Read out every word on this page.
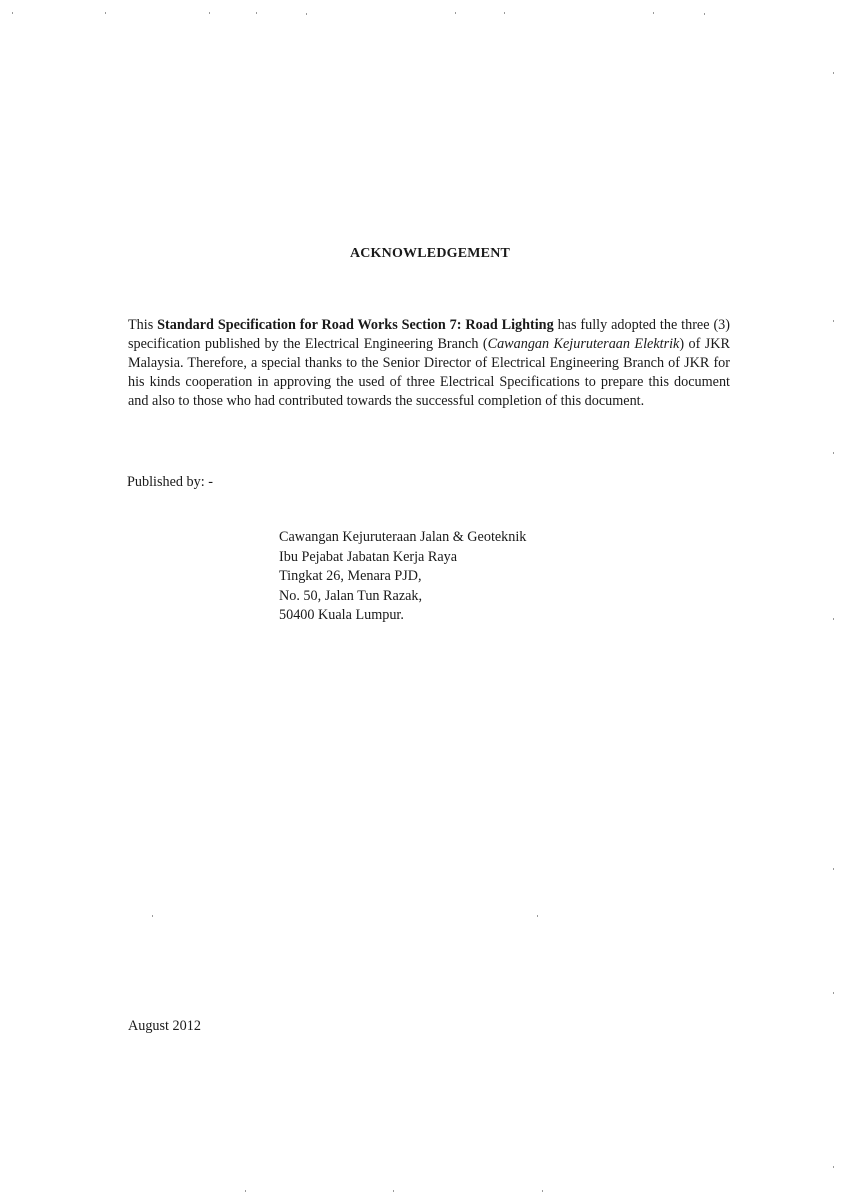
ACKNOWLEDGEMENT

This Standard Specification for Road Works Section 7: Road Lighting has fully adopted the three (3) specification published by the Electrical Engineering Branch (Cawangan Kejuruteraan Elektrik) of JKR Malaysia. Therefore, a special thanks to the Senior Director of Electrical Engineering Branch of JKR for his kinds cooperation in approving the used of three Electrical Specifications to prepare this document and also to those who had contributed towards the successful completion of this document.

Published by: -

Cawangan Kejuruteraan Jalan & Geoteknik
Ibu Pejabat Jabatan Kerja Raya
Tingkat 26, Menara PJD,
No. 50, Jalan Tun Razak,
50400 Kuala Lumpur.

August 2012
